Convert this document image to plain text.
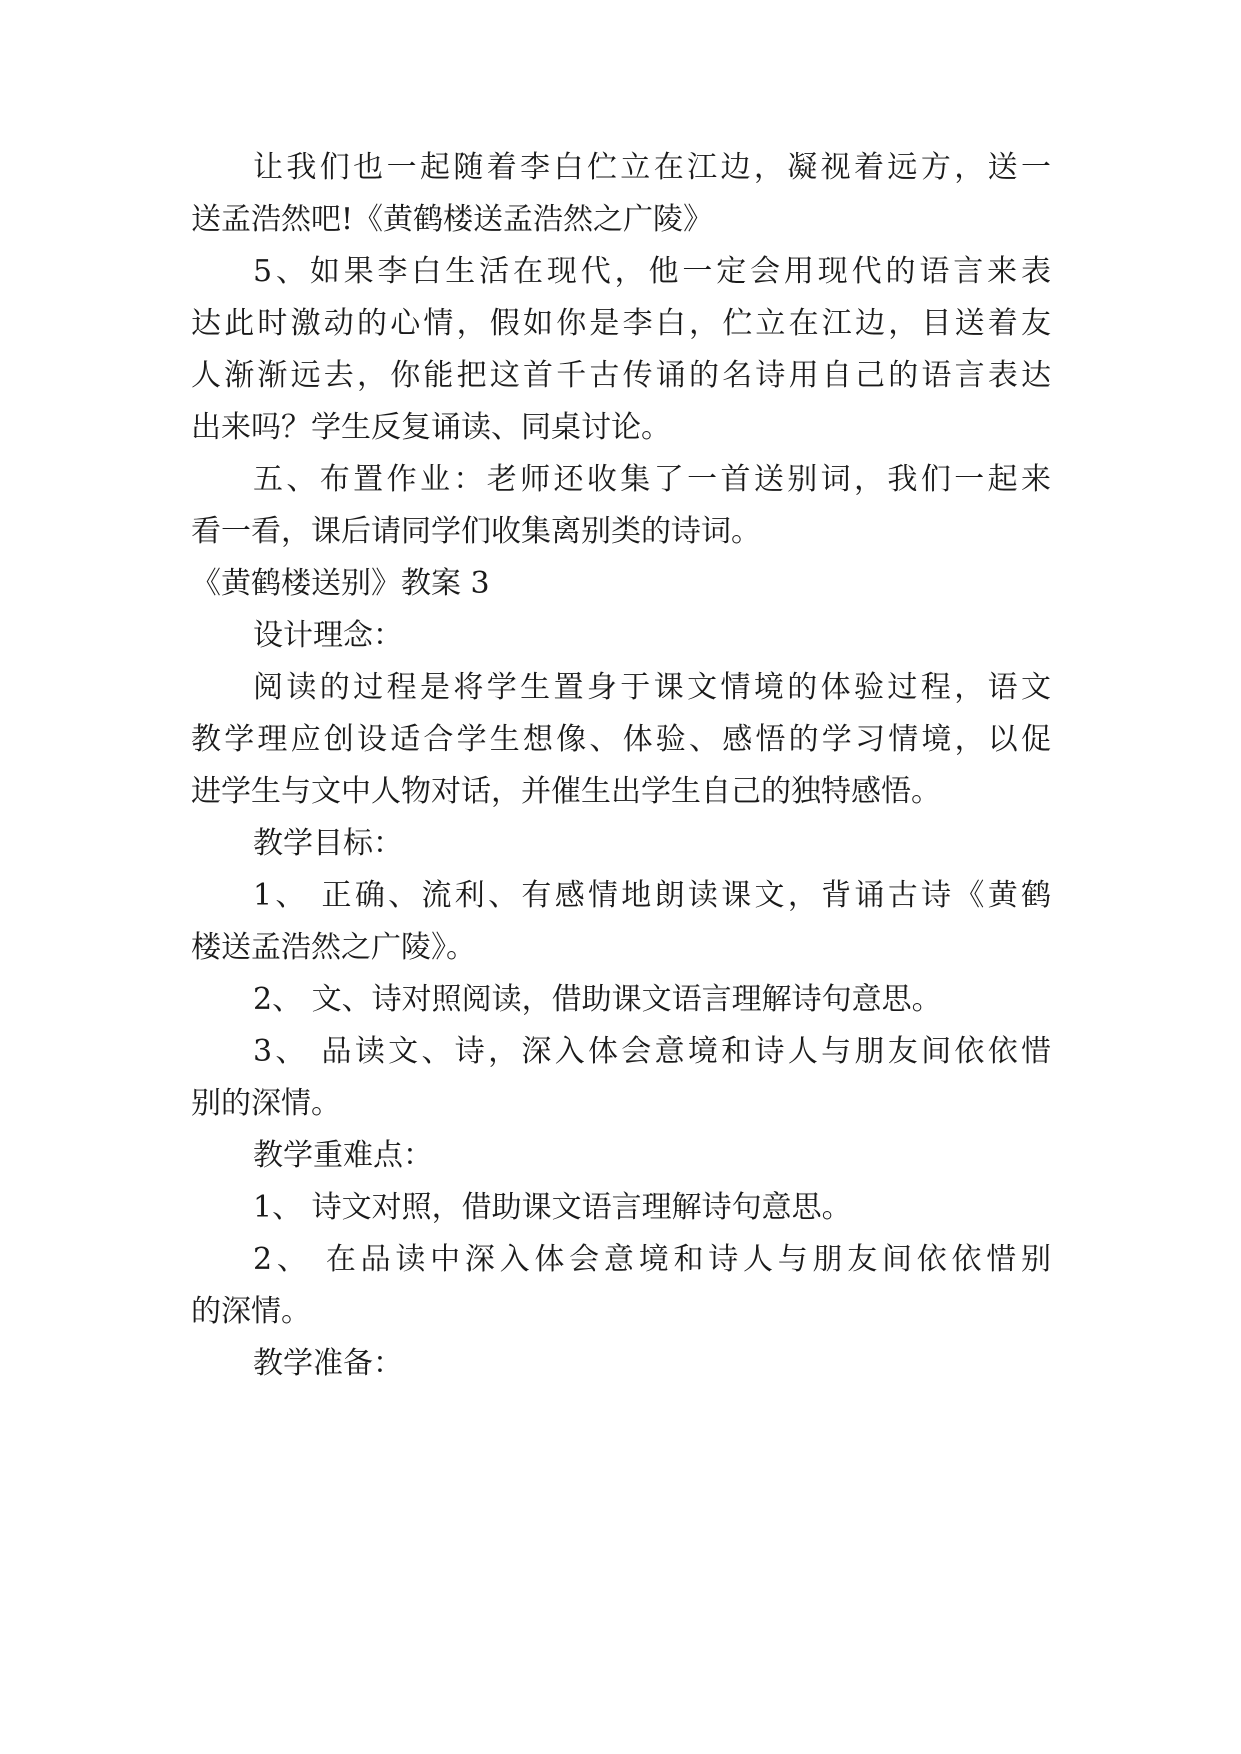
让我们也一起随着李白伫立在江边，凝视着远方，送一

送孟浩然吧!《黄鹤楼送孟浩然之广陵》

5、如果李白生活在现代，他一定会用现代的语言来表

达此时激动的心情，假如你是李白，伫立在江边，目送着友

人渐渐远去，你能把这首千古传诵的名诗用自己的语言表达

出来吗？学生反复诵读、同桌讨论。

五、布置作业：老师还收集了一首送别词，我们一起来

看一看，课后请同学们收集离别类的诗词。

《黄鹤楼送别》教案 3

设计理念：

阅读的过程是将学生置身于课文情境的体验过程，语文

教学理应创设适合学生想像、体验、感悟的学习情境，以促

进学生与文中人物对话，并催生出学生自己的独特感悟。

教学目标：

1、 正确、流利、有感情地朗读课文，背诵古诗《黄鹤

楼送孟浩然之广陵》。

2、 文、诗对照阅读，借助课文语言理解诗句意思。

3、 品读文、诗，深入体会意境和诗人与朋友间依依惜

别的深情。

教学重难点：

1、 诗文对照，借助课文语言理解诗句意思。

2、 在品读中深入体会意境和诗人与朋友间依依惜别

的深情。

教学准备：
